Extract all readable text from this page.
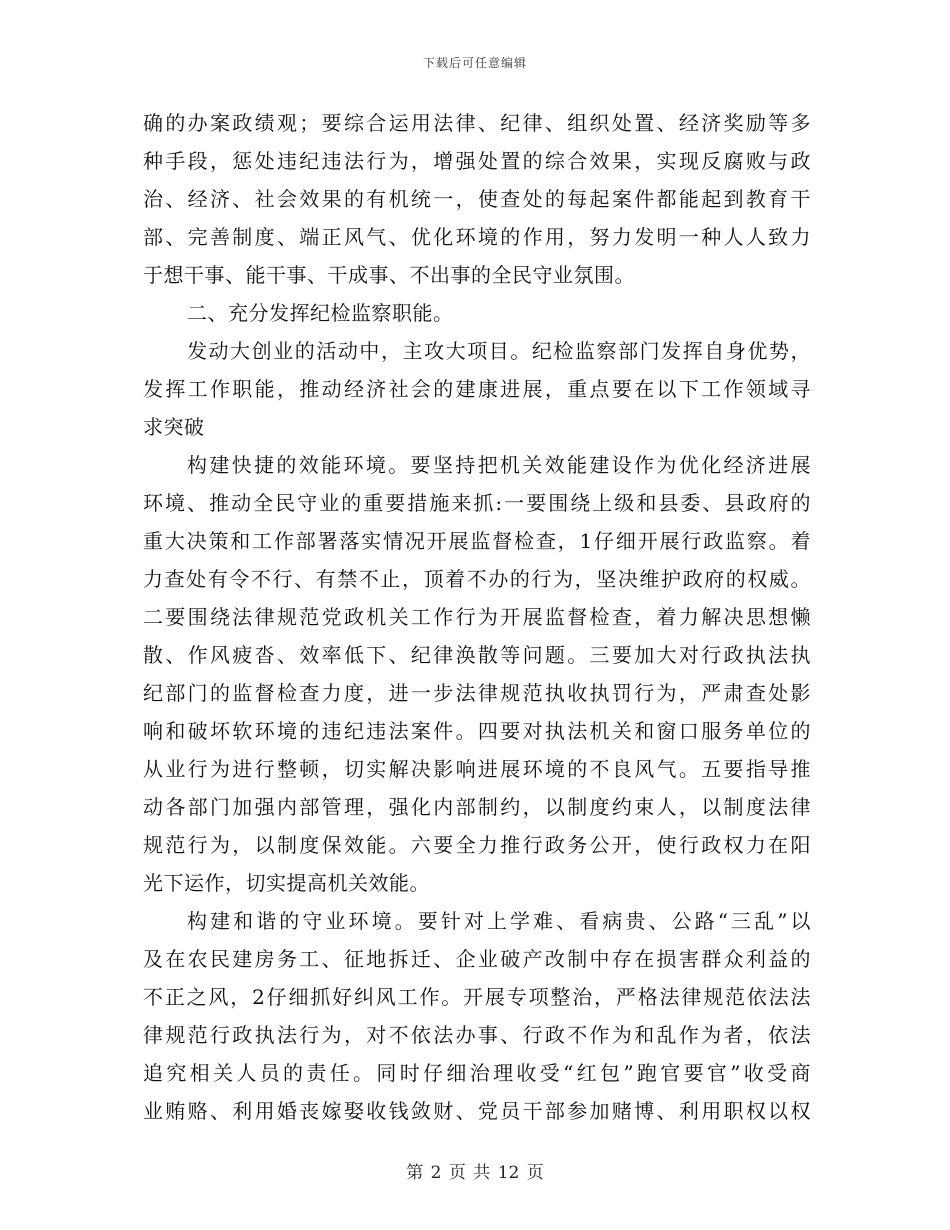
下载后可任意编辑
确的办案政绩观；要综合运用法律、纪律、组织处置、经济奖励等多
种手段，惩处违纪违法行为，增强处置的综合效果，实现反腐败与政
治、经济、社会效果的有机统一，使查处的每起案件都能起到教育干
部、完善制度、端正风气、优化环境的作用，努力发明一种人人致力
于想干事、能干事、干成事、不出事的全民守业氛围。
二、充分发挥纪检监察职能。
发动大创业的活动中，主攻大项目。纪检监察部门发挥自身优势，
发挥工作职能，推动经济社会的建康进展，重点要在以下工作领域寻
求突破
构建快捷的效能环境。要坚持把机关效能建设作为优化经济进展
环境、推动全民守业的重要措施来抓:一要围绕上级和县委、县政府的
重大决策和工作部署落实情况开展监督检查，1仔细开展行政监察。着
力查处有令不行、有禁不止，顶着不办的行为，坚决维护政府的权威。
二要围绕法律规范党政机关工作行为开展监督检查，着力解决思想懒
散、作风疲沓、效率低下、纪律涣散等问题。三要加大对行政执法执
纪部门的监督检查力度，进一步法律规范执收执罚行为，严肃查处影
响和破坏软环境的违纪违法案件。四要对执法机关和窗口服务单位的
从业行为进行整顿，切实解决影响进展环境的不良风气。五要指导推
动各部门加强内部管理，强化内部制约，以制度约束人，以制度法律
规范行为，以制度保效能。六要全力推行政务公开，使行政权力在阳
光下运作，切实提高机关效能。
构建和谐的守业环境。要针对上学难、看病贵、公路“三乱”以
及在农民建房务工、征地拆迁、企业破产改制中存在损害群众利益的
不正之风，2仔细抓好纠风工作。开展专项整治，严格法律规范依法法
律规范行政执法行为，对不依法办事、行政不作为和乱作为者，依法
追究相关人员的责任。同时仔细治理收受“红包”跑官要官”收受商
业贿赂、利用婚丧嫁娶收钱敛财、党员干部参加赌博、利用职权以权
第 2 页 共 12 页
